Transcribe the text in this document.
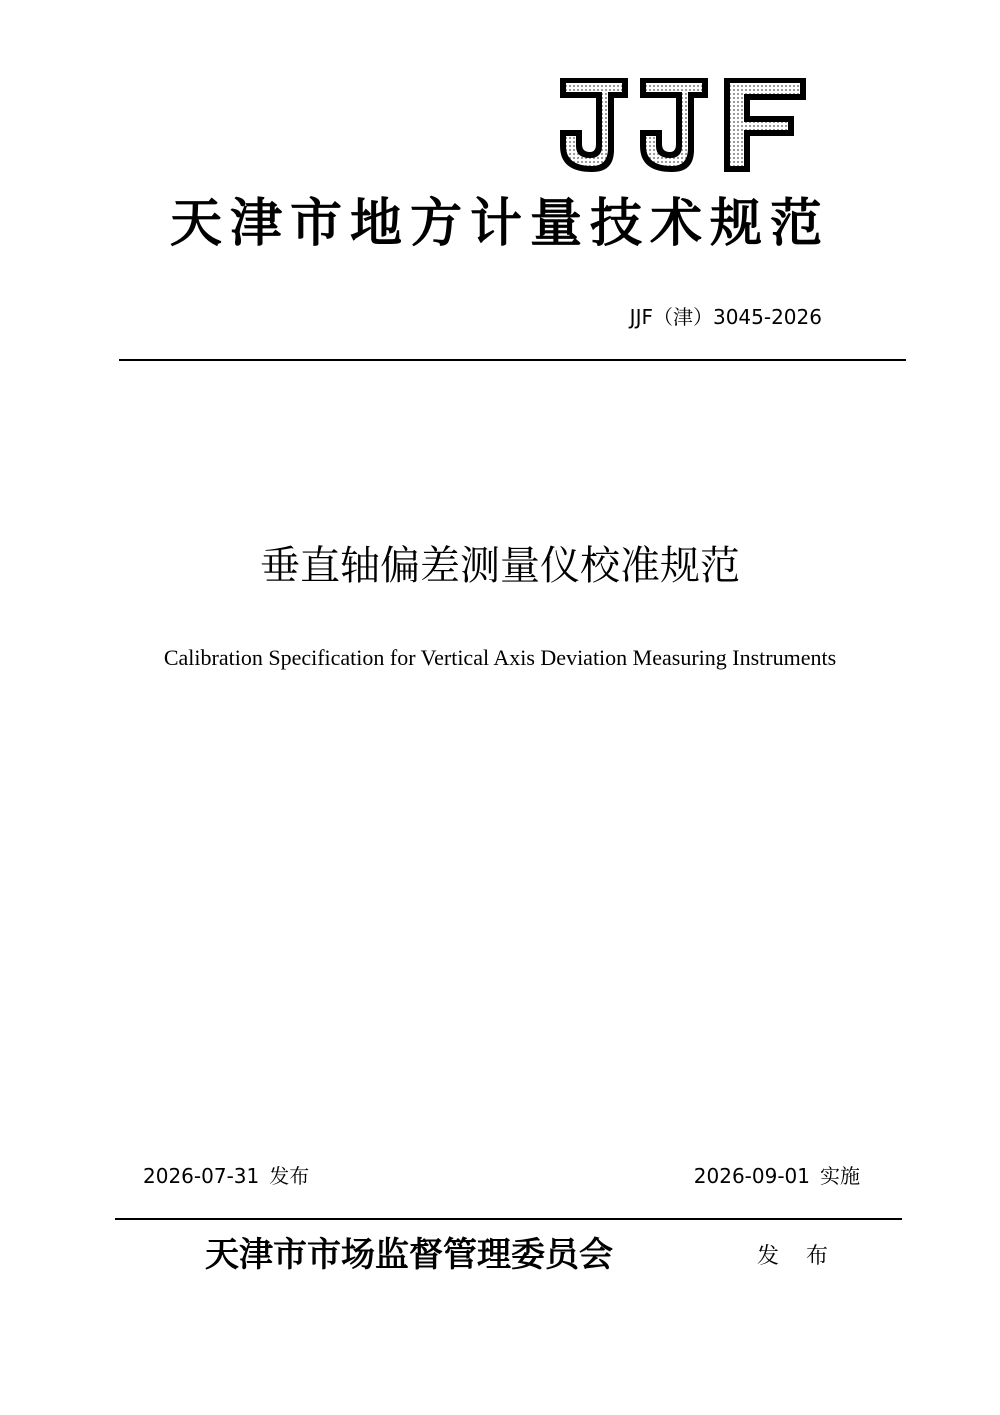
天津市地方计量技术规范
JJF（津）3045-2026
垂直轴偏差测量仪校准规范
Calibration Specification for Vertical Axis Deviation Measuring Instruments
2026-07-31 发布	2026-09-01 实施
天津市市场监督管理委员会	发 布
